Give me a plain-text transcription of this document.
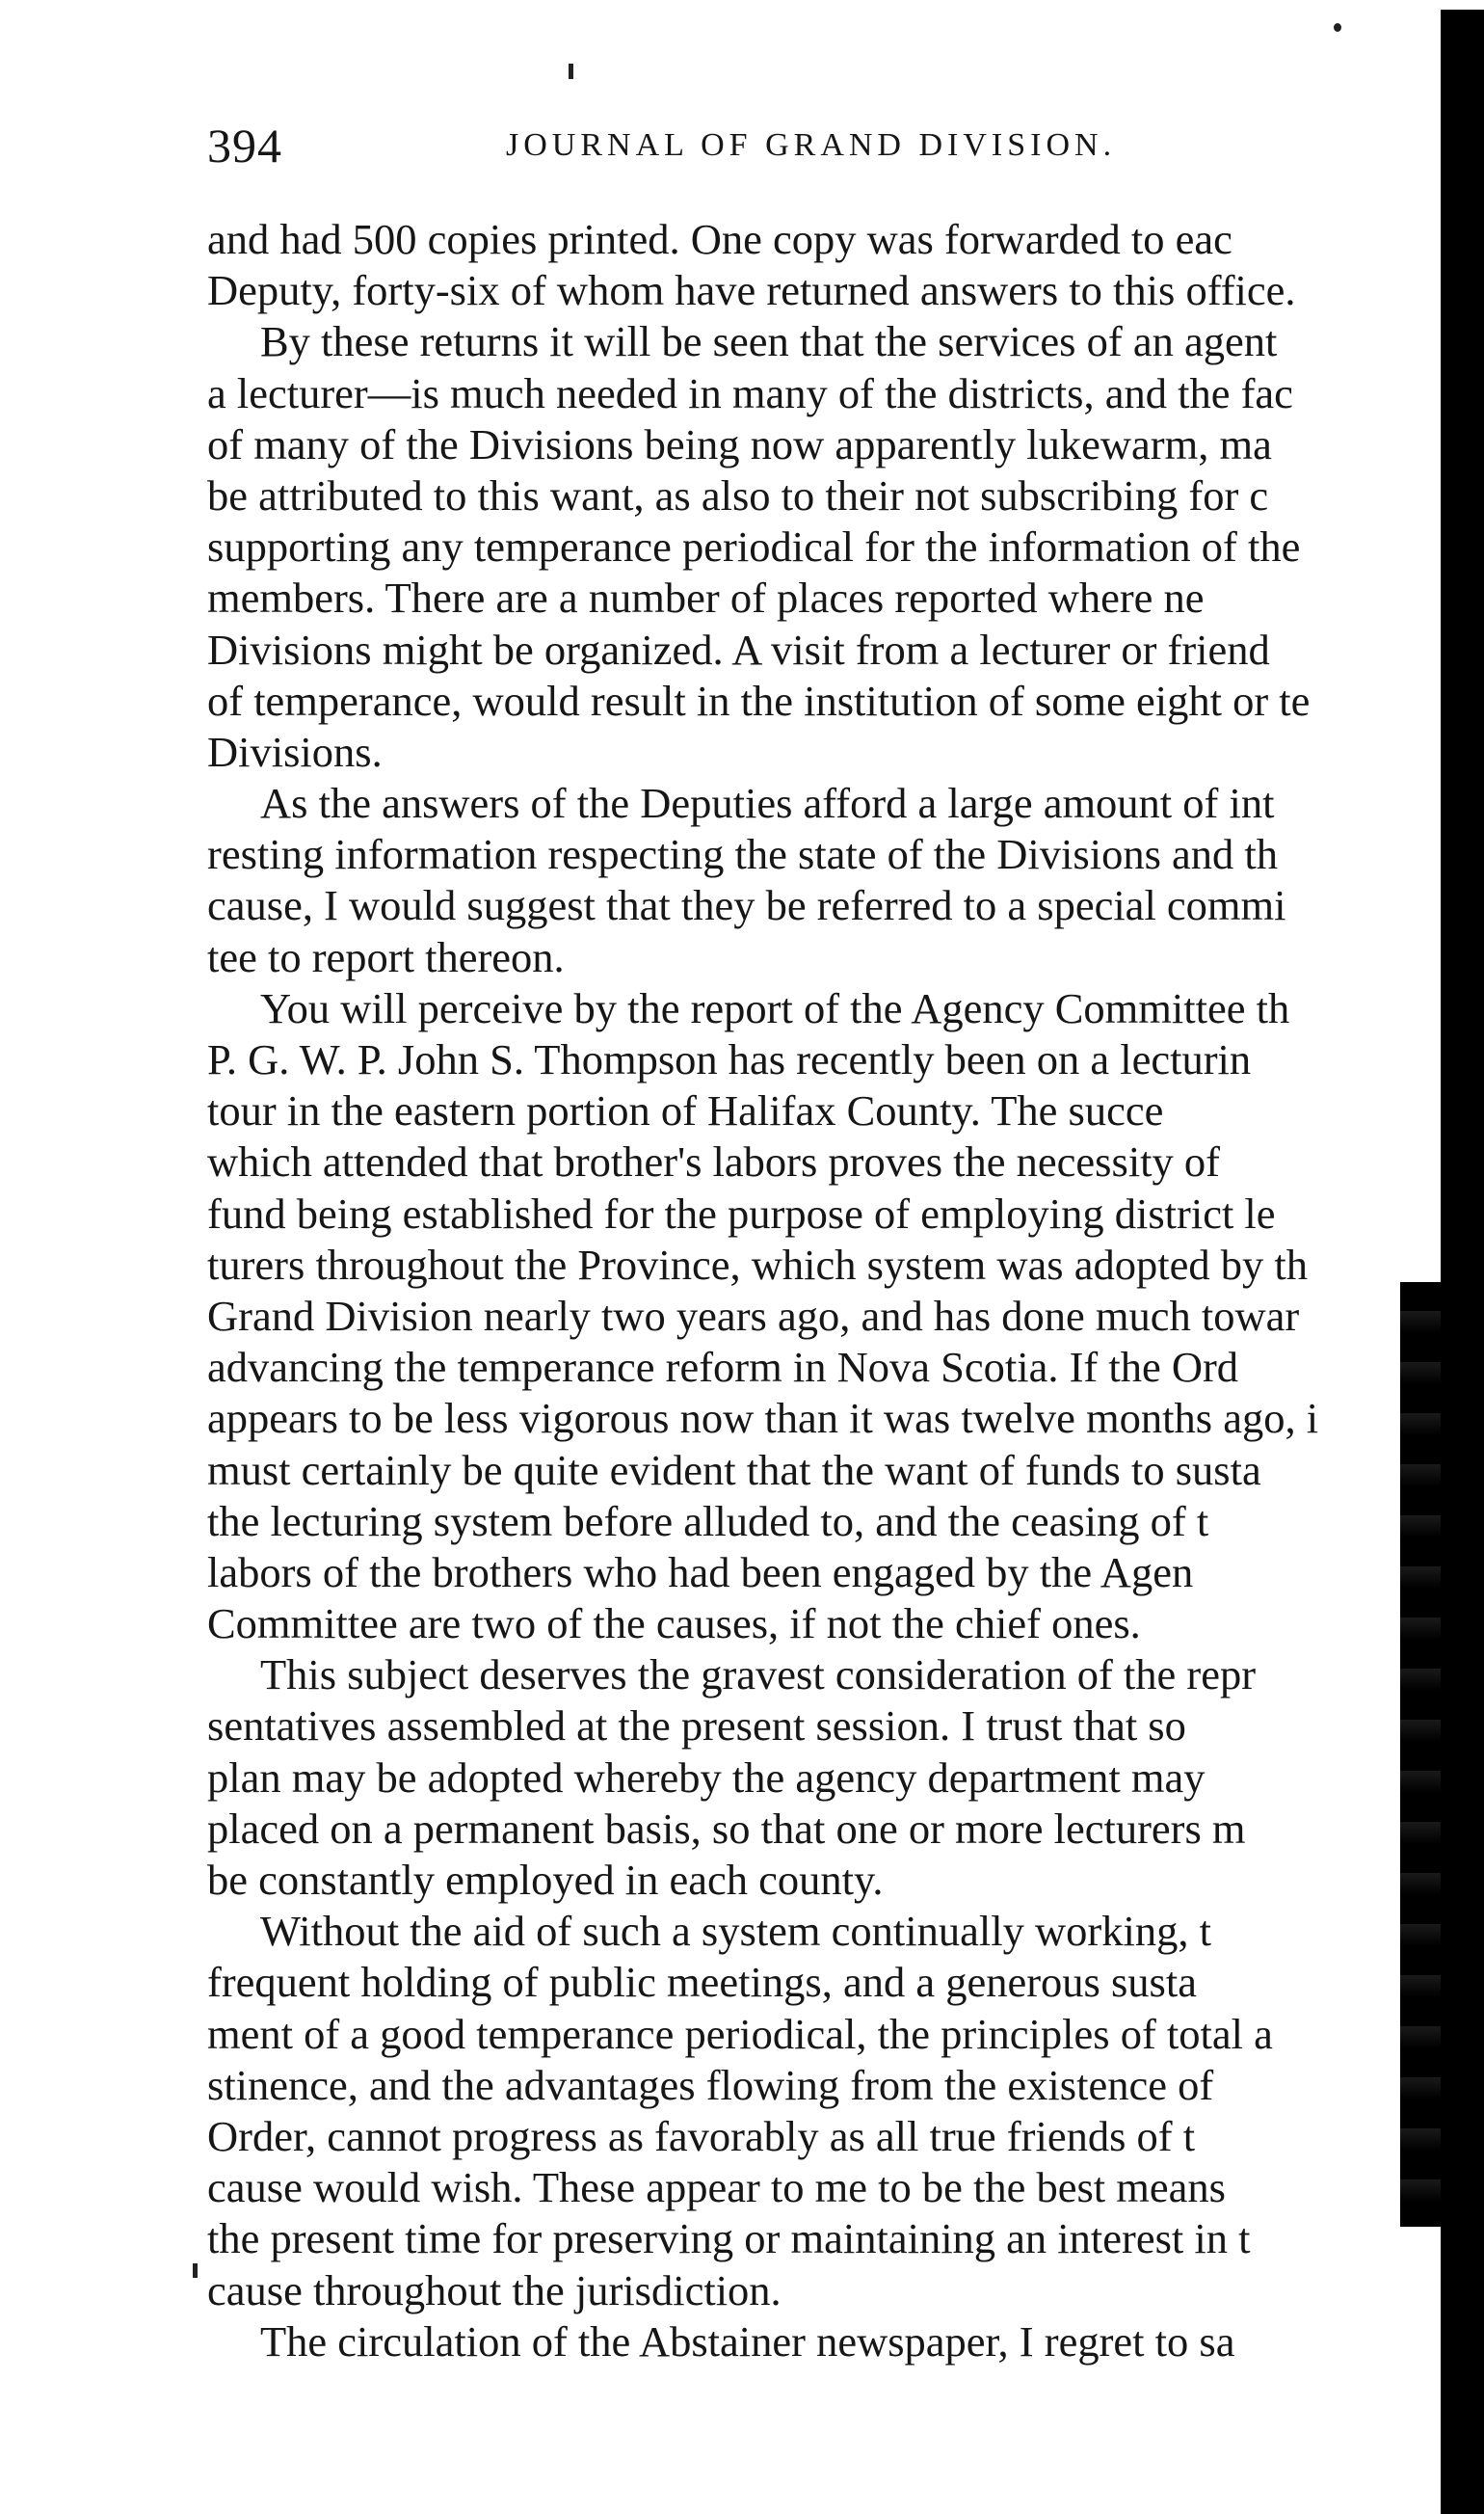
394	JOURNAL OF GRAND DIVISION.
and had 500 copies printed. One copy was forwarded to eac
Deputy, forty-six of whom have returned answers to this office.
By these returns it will be seen that the services of an agent
a lecturer—is much needed in many of the districts, and the fac
of many of the Divisions being now apparently lukewarm, ma
be attributed to this want, as also to their not subscribing for c
supporting any temperance periodical for the information of the
members. There are a number of places reported where ne
Divisions might be organized. A visit from a lecturer or friend
of temperance, would result in the institution of some eight or te
Divisions.
As the answers of the Deputies afford a large amount of int
resting information respecting the state of the Divisions and th
cause, I would suggest that they be referred to a special commi
tee to report thereon.
You will perceive by the report of the Agency Committee th
P. G. W. P. John S. Thompson has recently been on a lecturin
tour in the eastern portion of Halifax County. The succe
which attended that brother's labors proves the necessity of
fund being established for the purpose of employing district le
turers throughout the Province, which system was adopted by th
Grand Division nearly two years ago, and has done much towar
advancing the temperance reform in Nova Scotia. If the Ord
appears to be less vigorous now than it was twelve months ago, i
must certainly be quite evident that the want of funds to susta
the lecturing system before alluded to, and the ceasing of t
labors of the brothers who had been engaged by the Agen
Committee are two of the causes, if not the chief ones.
This subject deserves the gravest consideration of the repr
sentatives assembled at the present session. I trust that so
plan may be adopted whereby the agency department may
placed on a permanent basis, so that one or more lecturers m
be constantly employed in each county.
Without the aid of such a system continually working, t
frequent holding of public meetings, and a generous susta
ment of a good temperance periodical, the principles of total a
stinence, and the advantages flowing from the existence of
Order, cannot progress as favorably as all true friends of t
cause would wish. These appear to me to be the best means
the present time for preserving or maintaining an interest in t
cause throughout the jurisdiction.
The circulation of the Abstainer newspaper, I regret to sa
